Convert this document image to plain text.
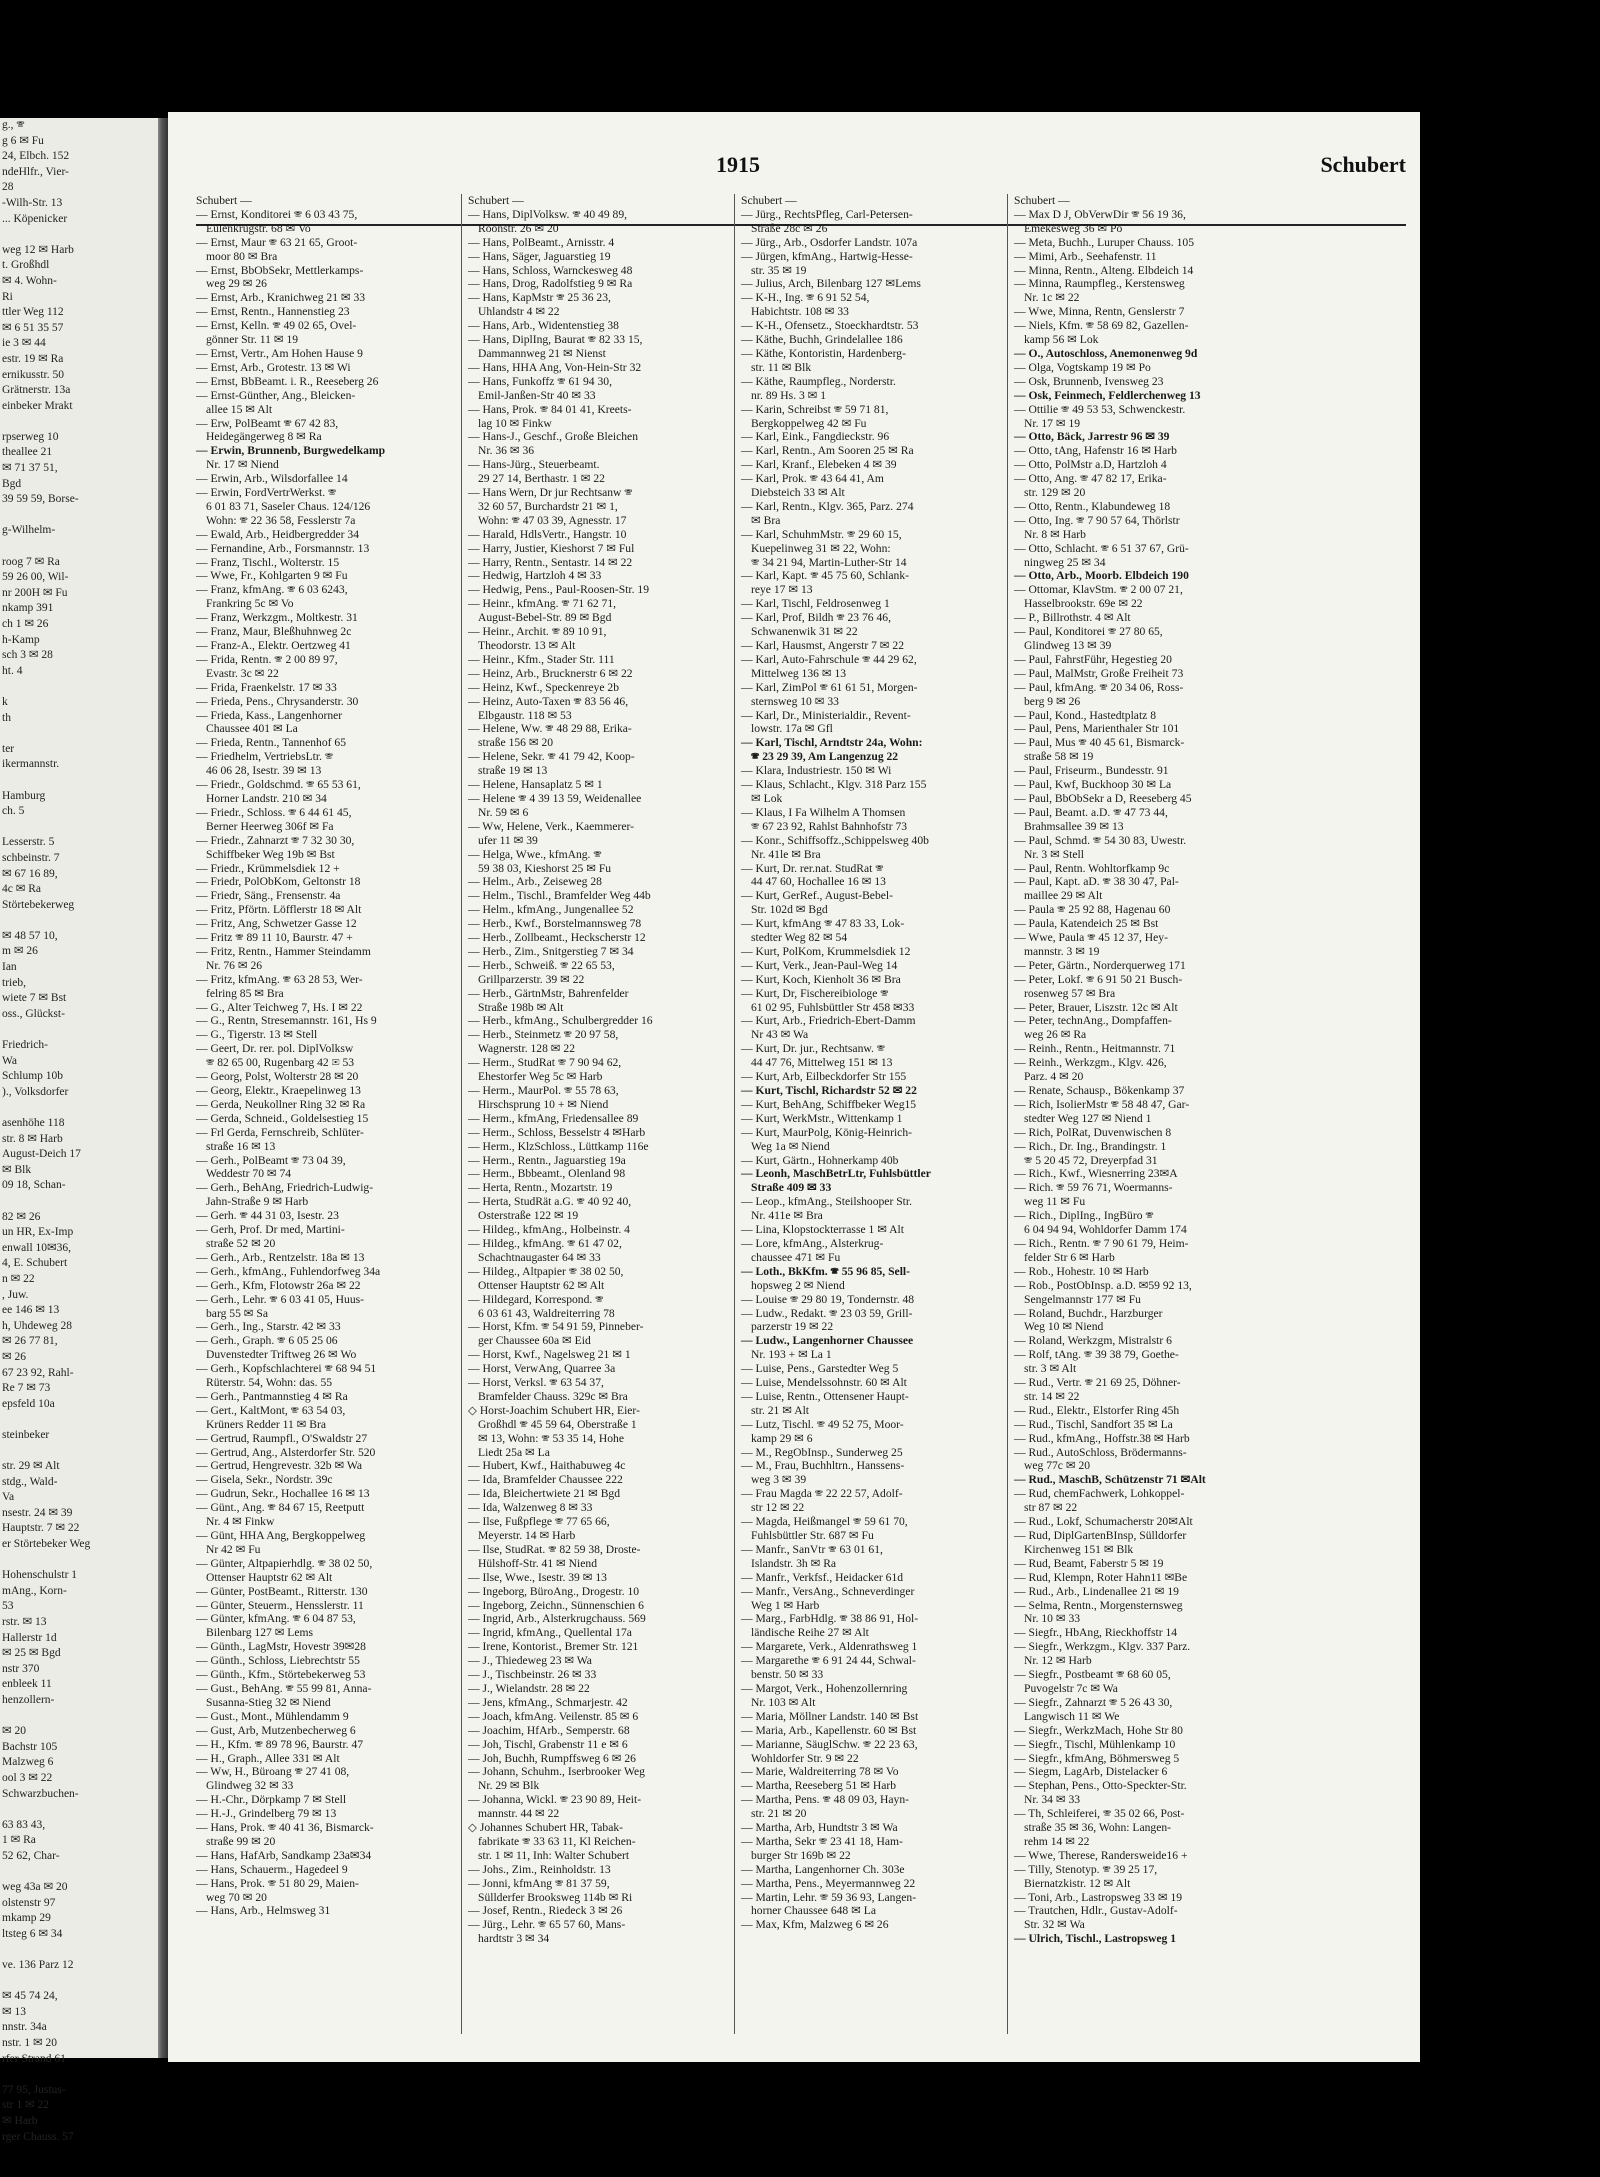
g., 🕾
g 6 ✉ Fu
24, Elbch. 152
ndeHlfr., Vier-
28
-Wilh-Str. 13
... Köpenicker

weg 12 ✉ Harb
t. Großhdl
✉ 4. Wohn-
Ri
ttler Weg 112
✉ 6 51 35 57
ie 3 ✉ 44
estr. 19 ✉ Ra
ernikusstr. 50
Grätnerstr. 13a
einbeker Mrakt

rpserweg 10
theallee 21
✉ 71 37 51,
Bgd
39 59 59, Borse-

g-Wilhelm-

roog 7 ✉ Ra
59 26 00, Wil-
nr 200H ✉ Fu
nkamp 391
ch 1 ✉ 26
h-Kamp
sch 3 ✉ 28
ht. 4

k
th

ter
ikermannstr.

Hamburg
ch. 5

Lesserstr. 5
schbeinstr. 7
✉ 67 16 89,
4c ✉ Ra
Störtebekerweg

✉ 48 57 10,
m ✉ 26
Ian
trieb,
wiete 7 ✉ Bst
oss., Glückst-

Friedrich-
Wa
Schlump 10b
)., Volksdorfer

asenhöhe 118
str. 8 ✉ Harb
August-Deich 17
✉ Blk
09 18, Schan-

82 ✉ 26
un HR, Ex-Imp
enwall 10✉36,
4, E. Schubert
n ✉ 22
, Juw.
ee 146 ✉ 13
h, Uhdeweg 28
✉ 26 77 81,
✉ 26
67 23 92, Rahl-
Re 7 ✉ 73
epsfeld 10a

steinbeker

str. 29 ✉ Alt
stdg., Wald-
Va
nsestr. 24 ✉ 39
Hauptstr. 7 ✉ 22
er Störtebeker Weg

Hohenschulstr 1
mAng., Korn-
53
rstr. ✉ 13
Hallerstr 1d
✉ 25 ✉ Bgd
nstr 370
enbleek 11
henzollern-

✉ 20
Bachstr 105
Malzweg 6
ool 3 ✉ 22
Schwarzbuchen-

63 83 43,
1 ✉ Ra
52 62, Char-

weg 43a ✉ 20
olstenstr 97
mkamp 29
ltsteg 6 ✉ 34

ve. 136 Parz 12

✉ 45 74 24,
✉ 13
nnstr. 34a
nstr. 1 ✉ 20
rfer Strand 61

77 95, Justus-
str 1 ✉ 22
✉ Harb
rger Chauss. 57
1915	Schubert
Schubert —
— Ernst, Konditorei 🕾 6 03 43 75,
Eulenkrugstr. 68 ✉ Vo
— Ernst, Maur 🕾 63 21 65, Groot-
moor 80 ✉ Bra
— Ernst, BbObSekr, Mettlerkamps-
weg 29 ✉ 26
— Ernst, Arb., Kranichweg 21 ✉ 33
— Ernst, Rentn., Hannenstieg 23
— Ernst, Kelln. 🕾 49 02 65, Ovel-
gönner Str. 11 ✉ 19
— Ernst, Vertr., Am Hohen Hause 9
— Ernst, Arb., Grotestr. 13 ✉ Wi
— Ernst, BbBeamt. i. R., Reeseberg 26
— Ernst-Günther, Ang., Bleicken-
allee 15 ✉ Alt
— Erw, PolBeamt 🕾 67 42 83,
Heidegängerweg 8 ✉ Ra
— Erwin, Brunnenb, Burgwedelkamp
Nr. 17 ✉ Niend
— Erwin, Arb., Wilsdorfallee 14
— Erwin, FordVertrWerkst. 🕾
6 01 83 71, Saseler Chaus. 124/126
Wohn: 🕾 22 36 58, Fesslerstr 7a
— Ewald, Arb., Heidbergredder 34
— Fernandine, Arb., Forsmannstr. 13
— Franz, Tischl., Wolterstr. 15
— Wwe, Fr., Kohlgarten 9 ✉ Fu
— Franz, kfmAng. 🕾 6 03 6243,
Frankring 5c ✉ Vo
— Franz, Werkzgm., Moltkestr. 31
— Franz, Maur, Bleßhuhnweg 2c
— Franz-A., Elektr. Oertzweg 41
— Frida, Rentn. 🕾 2 00 89 97,
Evastr. 3c ✉ 22
— Frida, Fraenkelstr. 17 ✉ 33
— Frieda, Pens., Chrysanderstr. 30
— Frieda, Kass., Langenhorner
Chaussee 401 ✉ La
— Frieda, Rentn., Tannenhof 65
— Friedhelm, VertriebsLtr. 🕾
46 06 28, Isestr. 39 ✉ 13
— Friedr., Goldschmd. 🕾 65 53 61,
Horner Landstr. 210 ✉ 34
— Friedr., Schloss. 🕾 6 44 61 45,
Berner Heerweg 306f ✉ Fa
— Friedr., Zahnarzt 🕾 7 32 30 30,
Schiffbeker Weg 19b ✉ Bst
— Friedr., Krümmelsdiek 12 +
— Friedr, PolObKom, Geltonstr 18
— Friedr, Säng., Frensenstr. 4a
— Fritz, Pförtn. Löfflerstr 18 ✉ Alt
— Fritz, Ang, Schwetzer Gasse 12
— Fritz 🕾 89 11 10, Baurstr. 47 +
— Fritz, Rentn., Hammer Steindamm
Nr. 76 ✉ 26
— Fritz, kfmAng. 🕾 63 28 53, Wer-
felring 85 ✉ Bra
— G., Alter Teichweg 7, Hs. I ✉ 22
— G., Rentn, Stresemannstr. 161, Hs 9
— G., Tigerstr. 13 ✉ Stell
— Geert, Dr. rer. pol. DiplVolksw
🕾 82 65 00, Rugenbarg 42 ✉ 53
— Georg, Polst, Wolterstr 28 ✉ 20
— Georg, Elektr., Kraepelinweg 13
— Gerda, Neukollner Ring 32 ✉ Ra
— Gerda, Schneid., Goldelsestieg 15
— Frl Gerda, Fernschreib, Schlüter-
straße 16 ✉ 13
— Gerh., PolBeamt 🕾 73 04 39,
Weddestr 70 ✉ 74
— Gerh., BehAng, Friedrich-Ludwig-
Jahn-Straße 9 ✉ Harb
— Gerh. 🕾 44 31 03, Isestr. 23
— Gerh, Prof. Dr med, Martini-
straße 52 ✉ 20
— Gerh., Arb., Rentzelstr. 18a ✉ 13
— Gerh., kfmAng., Fuhlendorfweg 34a
— Gerh., Kfm, Flotowstr 26a ✉ 22
— Gerh., Lehr. 🕾 6 03 41 05, Huus-
barg 55 ✉ Sa
— Gerh., Ing., Starstr. 42 ✉ 33
— Gerh., Graph. 🕾 6 05 25 06
Duvenstedter Triftweg 26 ✉ Wo
— Gerh., Kopfschlachterei 🕾 68 94 51
Rüterstr. 54, Wohn: das. 55
— Gerh., Pantmannstieg 4 ✉ Ra
— Gert., KaltMont, 🕾 63 54 03,
Krüners Redder 11 ✉ Bra
— Gertrud, Raumpfl., O'Swaldstr 27
— Gertrud, Ang., Alsterdorfer Str. 520
— Gertrud, Hengrevestr. 32b ✉ Wa
— Gisela, Sekr., Nordstr. 39c
— Gudrun, Sekr., Hochallee 16 ✉ 13
— Günt., Ang. 🕾 84 67 15, Reetputt
Nr. 4 ✉ Finkw
— Günt, HHA Ang, Bergkoppelweg
Nr 42 ✉ Fu
— Günter, Altpapierhdlg. 🕾 38 02 50,
Ottenser Hauptstr 62 ✉ Alt
— Günter, PostBeamt., Ritterstr. 130
— Günter, Steuerm., Hensslerstr. 11
— Günter, kfmAng. 🕾 6 04 87 53,
Bilenbarg 127 ✉ Lems
— Günth., LagMstr, Hovestr 39✉28
— Günth., Schloss, Liebrechtstr 55
— Günth., Kfm., Störtebekerweg 53
— Gust., BehAng. 🕾 55 99 81, Anna-
Susanna-Stieg 32 ✉ Niend
— Gust., Mont., Mühlendamm 9
— Gust, Arb, Mutzenbecherweg 6
— H., Kfm. 🕾 89 78 96, Baurstr. 47
— H., Graph., Allee 331 ✉ Alt
— Ww, H., Büroang 🕾 27 41 08,
Glindweg 32 ✉ 33
— H.-Chr., Dörpkamp 7 ✉ Stell
— H.-J., Grindelberg 79 ✉ 13
— Hans, Prok. 🕾 40 41 36, Bismarck-
straße 99 ✉ 20
— Hans, HafArb, Sandkamp 23a✉34
— Hans, Schauerm., Hagedeel 9
— Hans, Prok. 🕾 51 80 29, Maien-
weg 70 ✉ 20
— Hans, Arb., Helmsweg 31
Schubert —
— Hans, DiplVolksw. 🕾 40 49 89,
Roonstr. 26 ✉ 20
— Hans, PolBeamt., Arnisstr. 4
— Hans, Säger, Jaguarstieg 19
— Hans, Schloss, Warnckesweg 48
— Hans, Drog, Radolfstieg 9 ✉ Ra
— Hans, KapMstr 🕾 25 36 23,
Uhlandstr 4 ✉ 22
— Hans, Arb., Widentenstieg 38
— Hans, DiplIng, Baurat 🕾 82 33 15,
Dammannweg 21 ✉ Nienst
— Hans, HHA Ang, Von-Hein-Str 32
— Hans, Funkoffz 🕾 61 94 30,
Emil-Janßen-Str 40 ✉ 33
— Hans, Prok. 🕾 84 01 41, Kreets-
lag 10 ✉ Finkw
— Hans-J., Geschf., Große Bleichen
Nr. 36 ✉ 36
— Hans-Jürg., Steuerbeamt.
29 27 14, Berthastr. 1 ✉ 22
— Hans Wern, Dr jur Rechtsanw 🕾
32 60 57, Burchardstr 21 ✉ 1,
Wohn: 🕾 47 03 39, Agnesstr. 17
— Harald, HdlsVertr., Hangstr. 10
— Harry, Justier, Kieshorst 7 ✉ Ful
— Harry, Rentn., Sentastr. 14 ✉ 22
— Hedwig, Hartzloh 4 ✉ 33
— Hedwig, Pens., Paul-Roosen-Str. 19
— Heinr., kfmAng. 🕾 71 62 71,
August-Bebel-Str. 89 ✉ Bgd
— Heinr., Archit. 🕾 89 10 91,
Theodorstr. 13 ✉ Alt
— Heinr., Kfm., Stader Str. 111
— Heinz, Arb., Brucknerstr 6 ✉ 22
— Heinz, Kwf., Speckenreye 2b
— Heinz, Auto-Taxen 🕾 83 56 46,
Elbgaustr. 118 ✉ 53
— Helene, Ww. 🕾 48 29 88, Erika-
straße 156 ✉ 20
— Helene, Sekr. 🕾 41 79 42, Koop-
straße 19 ✉ 13
— Helene, Hansaplatz 5 ✉ 1
— Helene 🕾 4 39 13 59, Weidenallee
Nr. 59 ✉ 6
— Ww, Helene, Verk., Kaemmerer-
ufer 11 ✉ 39
— Helga, Wwe., kfmAng. 🕾
59 38 03, Kieshorst 25 ✉ Fu
— Helm., Arb., Zeiseweg 28
— Helm., Tischl., Bramfelder Weg 44b
— Helm., kfmAng., Jungenallee 52
— Herb., Kwf., Borstelmannsweg 78
— Herb., Zollbeamt., Heckscherstr 12
— Herb., Zim., Snitgerstieg 7 ✉ 34
— Herb., Schweiß. 🕾 22 65 53,
Grillparzerstr. 39 ✉ 22
— Herb., GärtnMstr, Bahrenfelder
Straße 198b ✉ Alt
— Herb., kfmAng., Schulbergredder 16
— Herb., Steinmetz 🕾 20 97 58,
Wagnerstr. 128 ✉ 22
— Herm., StudRat 🕾 7 90 94 62,
Ehestorfer Weg 5c ✉ Harb
— Herm., MaurPol. 🕾 55 78 63,
Hirschsprung 10 + ✉ Niend
— Herm., kfmAng, Friedensallee 89
— Herm., Schloss, Besselstr 4 ✉Harb
— Herm., KlzSchloss., Lüttkamp 116e
— Herm., Rentn., Jaguarstieg 19a
— Herm., Bbbeamt., Olenland 98
— Herta, Rentn., Mozartstr. 19
— Herta, StudRät a.G. 🕾 40 92 40,
Osterstraße 122 ✉ 19
— Hildeg., kfmAng., Holbeinstr. 4
— Hildeg., kfmAng. 🕾 61 47 02,
Schachtnaugaster 64 ✉ 33
— Hildeg., Altpapier 🕾 38 02 50,
Ottenser Hauptstr 62 ✉ Alt
— Hildegard, Korrespond. 🕾
6 03 61 43, Waldreiterring 78
— Horst, Kfm. 🕾 54 91 59, Pinneber-
ger Chaussee 60a ✉ Eid
— Horst, Kwf., Nagelsweg 21 ✉ 1
— Horst, VerwAng, Quarree 3a
— Horst, Verksl. 🕾 63 54 37,
Bramfelder Chauss. 329c ✉ Bra
◇ Horst-Joachim Schubert HR, Eier-
Großhdl 🕾 45 59 64, Oberstraße 1
✉ 13, Wohn: 🕾 53 35 14, Hohe
Liedt 25a ✉ La
— Hubert, Kwf., Haithabuweg 4c
— Ida, Bramfelder Chaussee 222
— Ida, Bleichertwiete 21 ✉ Bgd
— Ida, Walzenweg 8 ✉ 33
— Ilse, Fußpflege 🕾 77 65 66,
Meyerstr. 14 ✉ Harb
— Ilse, StudRat. 🕾 82 59 38, Droste-
Hülshoff-Str. 41 ✉ Niend
— Ilse, Wwe., Isestr. 39 ✉ 13
— Ingeborg, BüroAng., Drogestr. 10
— Ingeborg, Zeichn., Sünnenschien 6
— Ingrid, Arb., Alsterkrugchauss. 569
— Ingrid, kfmAng., Quellental 17a
— Irene, Kontorist., Bremer Str. 121
— J., Thiedeweg 23 ✉ Wa
— J., Tischbeinstr. 26 ✉ 33
— J., Wielandstr. 28 ✉ 22
— Jens, kfmAng., Schmarjestr. 42
— Joach, kfmAng. Veilenstr. 85 ✉ 6
— Joachim, HfArb., Semperstr. 68
— Joh, Tischl, Grabenstr 11 e ✉ 6
— Joh, Buchh, Rumpffsweg 6 ✉ 26
— Johann, Schuhm., Iserbrooker Weg
Nr. 29 ✉ Blk
— Johanna, Wickl. 🕾 23 90 89, Heit-
mannstr. 44 ✉ 22
◇ Johannes Schubert HR, Tabak-
fabrikate 🕾 33 63 11, Kl Reichen-
str. 1 ✉ 11, Inh: Walter Schubert
— Johs., Zim., Reinholdstr. 13
— Jonni, kfmAng 🕾 81 37 59,
Süllderfer Brooksweg 114b ✉ Ri
— Josef, Rentn., Riedeck 3 ✉ 26
— Jürg., Lehr. 🕾 65 57 60, Mans-
hardtstr 3 ✉ 34
Schubert —
— Jürg., RechtsPfleg, Carl-Petersen-
Straße 28c ✉ 26
— Jürg., Arb., Osdorfer Landstr. 107a
— Jürgen, kfmAng., Hartwig-Hesse-
str. 35 ✉ 19
— Julius, Arch, Bilenbarg 127 ✉Lems
— K-H., Ing. 🕾 6 91 52 54,
Habichtstr. 108 ✉ 33
— K-H., Ofensetz., Stoeckhardtstr. 53
— Käthe, Buchh, Grindelallee 186
— Käthe, Kontoristin, Hardenberg-
str. 11 ✉ Blk
— Käthe, Raumpfleg., Norderstr.
nr. 89 Hs. 3 ✉ 1
— Karin, Schreibst 🕾 59 71 81,
Bergkoppelweg 42 ✉ Fu
— Karl, Eink., Fangdieckstr. 96
— Karl, Rentn., Am Sooren 25 ✉ Ra
— Karl, Kranf., Elebeken 4 ✉ 39
— Karl, Prok. 🕾 43 64 41, Am
Diebsteich 33 ✉ Alt
— Karl, Rentn., Klgv. 365, Parz. 274
✉ Bra
— Karl, SchuhmMstr. 🕾 29 60 15,
Kuepelinweg 31 ✉ 22, Wohn:
🕾 34 21 94, Martin-Luther-Str 14
— Karl, Kapt. 🕾 45 75 60, Schlank-
reye 17 ✉ 13
— Karl, Tischl, Feldrosenweg 1
— Karl, Prof, Bildh 🕾 23 76 46,
Schwanenwik 31 ✉ 22
— Karl, Hausmst, Angerstr 7 ✉ 22
— Karl, Auto-Fahrschule 🕾 44 29 62,
Mittelweg 136 ✉ 13
— Karl, ZimPol 🕾 61 61 51, Morgen-
sternsweg 10 ✉ 33
— Karl, Dr., Ministerialdir., Revent-
lowstr. 17a ✉ Gfl
— Karl, Tischl, Arndtstr 24a, Wohn:
🕾 23 29 39, Am Langenzug 22
— Klara, Industriestr. 150 ✉ Wi
— Klaus, Schlacht., Klgv. 318 Parz 155
✉ Lok
— Klaus, I Fa Wilhelm A Thomsen
🕾 67 23 92, Rahlst Bahnhofstr 73
— Konr., Schiffsoffz.,Schippelsweg 40b
Nr. 41le ✉ Bra
— Kurt, Dr. rer.nat. StudRat 🕾
44 47 60, Hochallee 16 ✉ 13
— Kurt, GerRef., August-Bebel-
Str. 102d ✉ Bgd
— Kurt, kfmAng 🕾 47 83 33, Lok-
stedter Weg 82 ✉ 54
— Kurt, PolKom, Krummelsdiek 12
— Kurt, Verk., Jean-Paul-Weg 14
— Kurt, Koch, Kienholt 36 ✉ Bra
— Kurt, Dr, Fischereibiologe 🕾
61 02 95, Fuhlsbüttler Str 458 ✉33
— Kurt, Arb., Friedrich-Ebert-Damm
Nr 43 ✉ Wa
— Kurt, Dr. jur., Rechtsanw. 🕾
44 47 76, Mittelweg 151 ✉ 13
— Kurt, Arb, Eilbeckdorfer Str 155
— Kurt, Tischl, Richardstr 52 ✉ 22
— Kurt, BehAng, Schiffbeker Weg15
— Kurt, WerkMstr., Wittenkamp 1
— Kurt, MaurPolg, König-Heinrich-
Weg 1a ✉ Niend
— Kurt, Gärtn., Hohnerkamp 40b
— Leonh, MaschBetrLtr, Fuhlsbüttler
Straße 409 ✉ 33
— Leop., kfmAng., Steilshooper Str.
Nr. 411e ✉ Bra
— Lina, Klopstockterrasse 1 ✉ Alt
— Lore, kfmAng., Alsterkrug-
chaussee 471 ✉ Fu
— Loth., BkKfm. 🕾 55 96 85, Sell-
hopsweg 2 ✉ Niend
— Louise 🕾 29 80 19, Tondernstr. 48
— Ludw., Redakt. 🕾 23 03 59, Grill-
parzerstr 19 ✉ 22
— Ludw., Langenhorner Chaussee
Nr. 193 + ✉ La 1
— Luise, Pens., Garstedter Weg 5
— Luise, Mendelssohnstr. 60 ✉ Alt
— Luise, Rentn., Ottensener Haupt-
str. 21 ✉ Alt
— Lutz, Tischl. 🕾 49 52 75, Moor-
kamp 29 ✉ 6
— M., RegObInsp., Sunderweg 25
— M., Frau, Buchhltrn., Hanssens-
weg 3 ✉ 39
— Frau Magda 🕾 22 22 57, Adolf-
str 12 ✉ 22
— Magda, Heißmangel 🕾 59 61 70,
Fuhlsbüttler Str. 687 ✉ Fu
— Manfr., SanVtr 🕾 63 01 61,
Islandstr. 3h ✉ Ra
— Manfr., Verkfsf., Heidacker 61d
— Manfr., VersAng., Schneverdinger
Weg 1 ✉ Harb
— Marg., FarbHdlg. 🕾 38 86 91, Hol-
ländische Reihe 27 ✉ Alt
— Margarete, Verk., Aldenrathsweg 1
— Margarethe 🕾 6 91 24 44, Schwal-
benstr. 50 ✉ 33
— Margot, Verk., Hohenzollernring
Nr. 103 ✉ Alt
— Maria, Möllner Landstr. 140 ✉ Bst
— Maria, Arb., Kapellenstr. 60 ✉ Bst
— Marianne, SäuglSchw. 🕾 22 23 63,
Wohldorfer Str. 9 ✉ 22
— Marie, Waldreiterring 78 ✉ Vo
— Martha, Reeseberg 51 ✉ Harb
— Martha, Pens. 🕾 48 09 03, Hayn-
str. 21 ✉ 20
— Martha, Arb, Hundtstr 3 ✉ Wa
— Martha, Sekr 🕾 23 41 18, Ham-
burger Str 169b ✉ 22
— Martha, Langenhorner Ch. 303e
— Martha, Pens., Meyermannweg 22
— Martin, Lehr. 🕾 59 36 93, Langen-
horner Chaussee 648 ✉ La
— Max, Kfm, Malzweg 6 ✉ 26
Schubert —
— Max D J, ObVerwDir 🕾 56 19 36,
Emekesweg 36 ✉ Po
— Meta, Buchh., Luruper Chauss. 105
— Mimi, Arb., Seehafenstr. 11
— Minna, Rentn., Alteng. Elbdeich 14
— Minna, Raumpfleg., Kerstensweg
Nr. 1c ✉ 22
— Wwe, Minna, Rentn, Genslerstr 7
— Niels, Kfm. 🕾 58 69 82, Gazellen-
kamp 56 ✉ Lok
— O., Autoschloss, Anemonenweg 9d
— Olga, Vogtskamp 19 ✉ Po
— Osk, Brunnenb, Ivensweg 23
— Osk, Feinmech, Feldlerchenweg 13
— Ottilie 🕾 49 53 53, Schwenckestr.
Nr. 17 ✉ 19
— Otto, Bäck, Jarrestr 96 ✉ 39
— Otto, tAng, Hafenstr 16 ✉ Harb
— Otto, PolMstr a.D, Hartzloh 4
— Otto, Ang. 🕾 47 82 17, Erika-
str. 129 ✉ 20
— Otto, Rentn., Klabundeweg 18
— Otto, Ing. 🕾 7 90 57 64, Thörlstr
Nr. 8 ✉ Harb
— Otto, Schlacht. 🕾 6 51 37 67, Grü-
ningweg 25 ✉ 34
— Otto, Arb., Moorb. Elbdeich 190
— Ottomar, KlavStm. 🕾 2 00 07 21,
Hasselbrookstr. 69e ✉ 22
— P., Billrothstr. 4 ✉ Alt
— Paul, Konditorei 🕾 27 80 65,
Glindweg 13 ✉ 39
— Paul, FahrstFühr, Hegestieg 20
— Paul, MalMstr, Große Freiheit 73
— Paul, kfmAng. 🕾 20 34 06, Ross-
berg 9 ✉ 26
— Paul, Kond., Hastedtplatz 8
— Paul, Pens, Marienthaler Str 101
— Paul, Mus 🕾 40 45 61, Bismarck-
straße 58 ✉ 19
— Paul, Friseurm., Bundesstr. 91
— Paul, Kwf, Buckhoop 30 ✉ La
— Paul, BbObSekr a D, Reeseberg 45
— Paul, Beamt. a.D. 🕾 47 73 44,
Brahmsallee 39 ✉ 13
— Paul, Schmd. 🕾 54 30 83, Uwestr.
Nr. 3 ✉ Stell
— Paul, Rentn. Wohltorfkamp 9c
— Paul, Kapt. aD. 🕾 38 30 47, Pal-
maillee 29 ✉ Alt
— Paula 🕾 25 92 88, Hagenau 60
— Paula, Katendeich 25 ✉ Bst
— Wwe, Paula 🕾 45 12 37, Hey-
mannstr. 3 ✉ 19
— Peter, Gärtn., Norderquerweg 171
— Peter, Lokf. 🕾 6 91 50 21 Busch-
rosenweg 57 ✉ Bra
— Peter, Brauer, Liszstr. 12c ✉ Alt
— Peter, technAng., Dompfaffen-
weg 26 ✉ Ra
— Reinh., Rentn., Heitmannstr. 71
— Reinh., Werkzgm., Klgv. 426,
Parz. 4 ✉ 20
— Renate, Schausp., Bökenkamp 37
— Rich, IsolierMstr 🕾 58 48 47, Gar-
stedter Weg 127 ✉ Niend 1
— Rich, PolRat, Duvenwischen 8
— Rich., Dr. Ing., Brandingstr. 1
🕾 5 20 45 72, Dreyerpfad 31
— Rich., Kwf., Wiesnerring 23✉A
— Rich. 🕾 59 76 71, Woermanns-
weg 11 ✉ Fu
— Rich., DiplIng., IngBüro 🕾
6 04 94 94, Wohldorfer Damm 174
— Rich., Rentn. 🕾 7 90 61 79, Heim-
felder Str 6 ✉ Harb
— Rob., Hohestr. 10 ✉ Harb
— Rob., PostObInsp. a.D. ✉59 92 13,
Sengelmannstr 177 ✉ Fu
— Roland, Buchdr., Harzburger
Weg 10 ✉ Niend
— Roland, Werkzgm, Mistralstr 6
— Rolf, tAng. 🕾 39 38 79, Goethe-
str. 3 ✉ Alt
— Rud., Vertr. 🕾 21 69 25, Döhner-
str. 14 ✉ 22
— Rud., Elektr., Elstorfer Ring 45h
— Rud., Tischl, Sandfort 35 ✉ La
— Rud., kfmAng., Hoffstr.38 ✉ Harb
— Rud., AutoSchloss, Brödermanns-
weg 77c ✉ 20
— Rud., MaschB, Schützenstr 71 ✉Alt
— Rud, chemFachwerk, Lohkoppel-
str 87 ✉ 22
— Rud., Lokf, Schumacherstr 20✉Alt
— Rud, DiplGartenBInsp, Sülldorfer
Kirchenweg 151 ✉ Blk
— Rud, Beamt, Faberstr 5 ✉ 19
— Rud, Klempn, Roter Hahn11 ✉Be
— Rud., Arb., Lindenallee 21 ✉ 19
— Selma, Rentn., Morgensternsweg
Nr. 10 ✉ 33
— Siegfr., HbAng, Rieckhoffstr 14
— Siegfr., Werkzgm., Klgv. 337 Parz.
Nr. 12 ✉ Harb
— Siegfr., Postbeamt 🕾 68 60 05,
Puvogelstr 7c ✉ Wa
— Siegfr., Zahnarzt 🕾 5 26 43 30,
Langwisch 11 ✉ We
— Siegfr., WerkzMach, Hohe Str 80
— Siegfr., Tischl, Mühlenkamp 10
— Siegfr., kfmAng, Böhmersweg 5
— Siegm, LagArb, Distelacker 6
— Stephan, Pens., Otto-Speckter-Str.
Nr. 34 ✉ 33
— Th, Schleiferei, 🕾 35 02 66, Post-
straße 35 ✉ 36, Wohn: Langen-
rehm 14 ✉ 22
— Wwe, Therese, Randersweide16 +
— Tilly, Stenotyp. 🕾 39 25 17,
Biernatzkistr. 12 ✉ Alt
— Toni, Arb., Lastropsweg 33 ✉ 19
— Trautchen, Hdlr., Gustav-Adolf-
Str. 32 ✉ Wa
— Ulrich, Tischl., Lastropsweg 1
